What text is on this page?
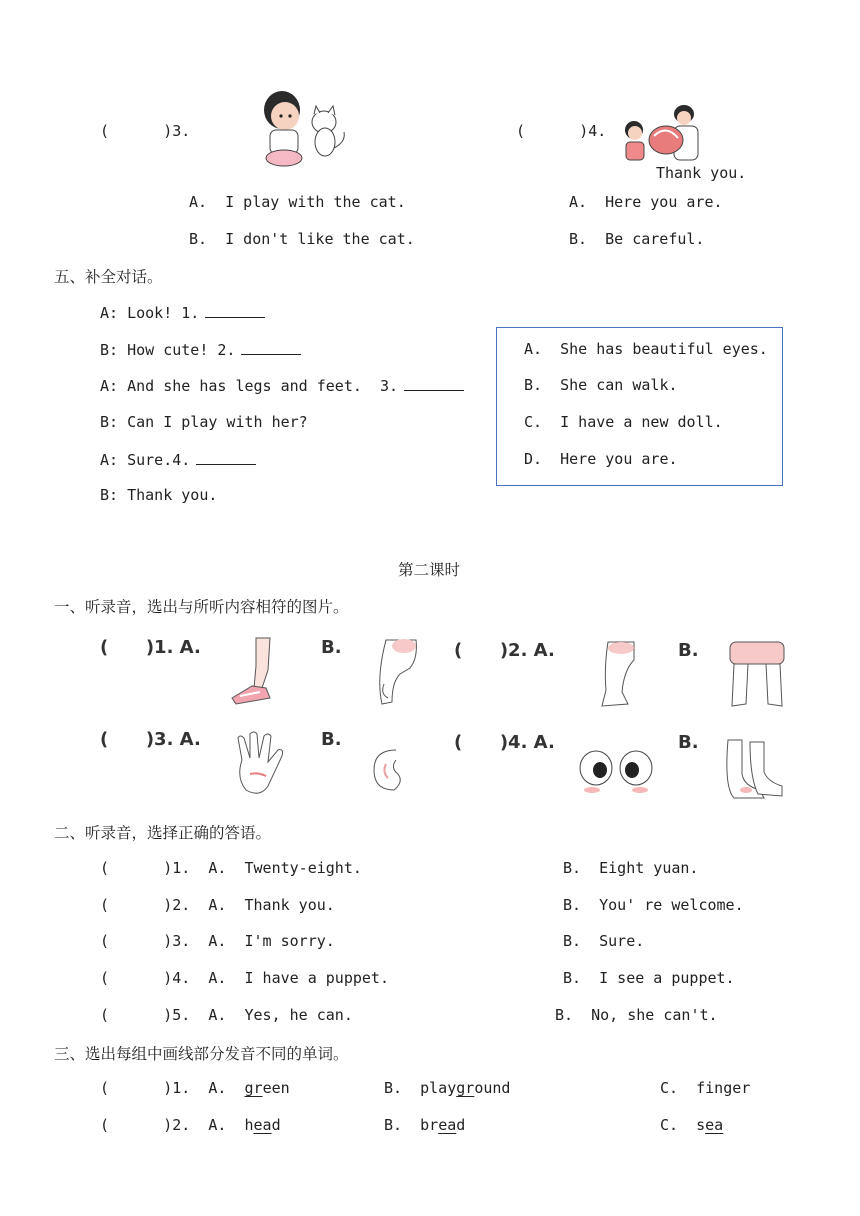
(      )3.	(      )4.
Thank you.
A.  I play with the cat.	A.  Here you are.
B.  I don't like the cat.	B.  Be careful.
五、补全对话。
A: Look! 1.
B: How cute! 2.
A: And she has legs and feet.  3.
B: Can I play with her?
A: Sure.4.
B: Thank you.
A.  She has beautiful eyes.
B.  She can walk.
C.  I have a new doll.
D.  Here you are.
第二课时
一、听录音，选出与所听内容相符的图片。
(      )1. A.	B.	(      )2. A.	B.
(      )3. A.	B.	(      )4. A.	B.
二、听录音，选择正确的答语。
(      )1.  A.  Twenty-eight.	B.  Eight yuan.
(      )2.  A.  Thank you.	B.  You' re welcome.
(      )3.  A.  I'm sorry.	B.  Sure.
(      )4.  A.  I have a puppet.	B.  I see a puppet.
(      )5.  A.  Yes, he can.	B.  No, she can't.
三、选出每组中画线部分发音不同的单词。
(      )1.  A. green	B.  playground	C.  finger
(      )2.  A. head	B.  bread	C.  sea
